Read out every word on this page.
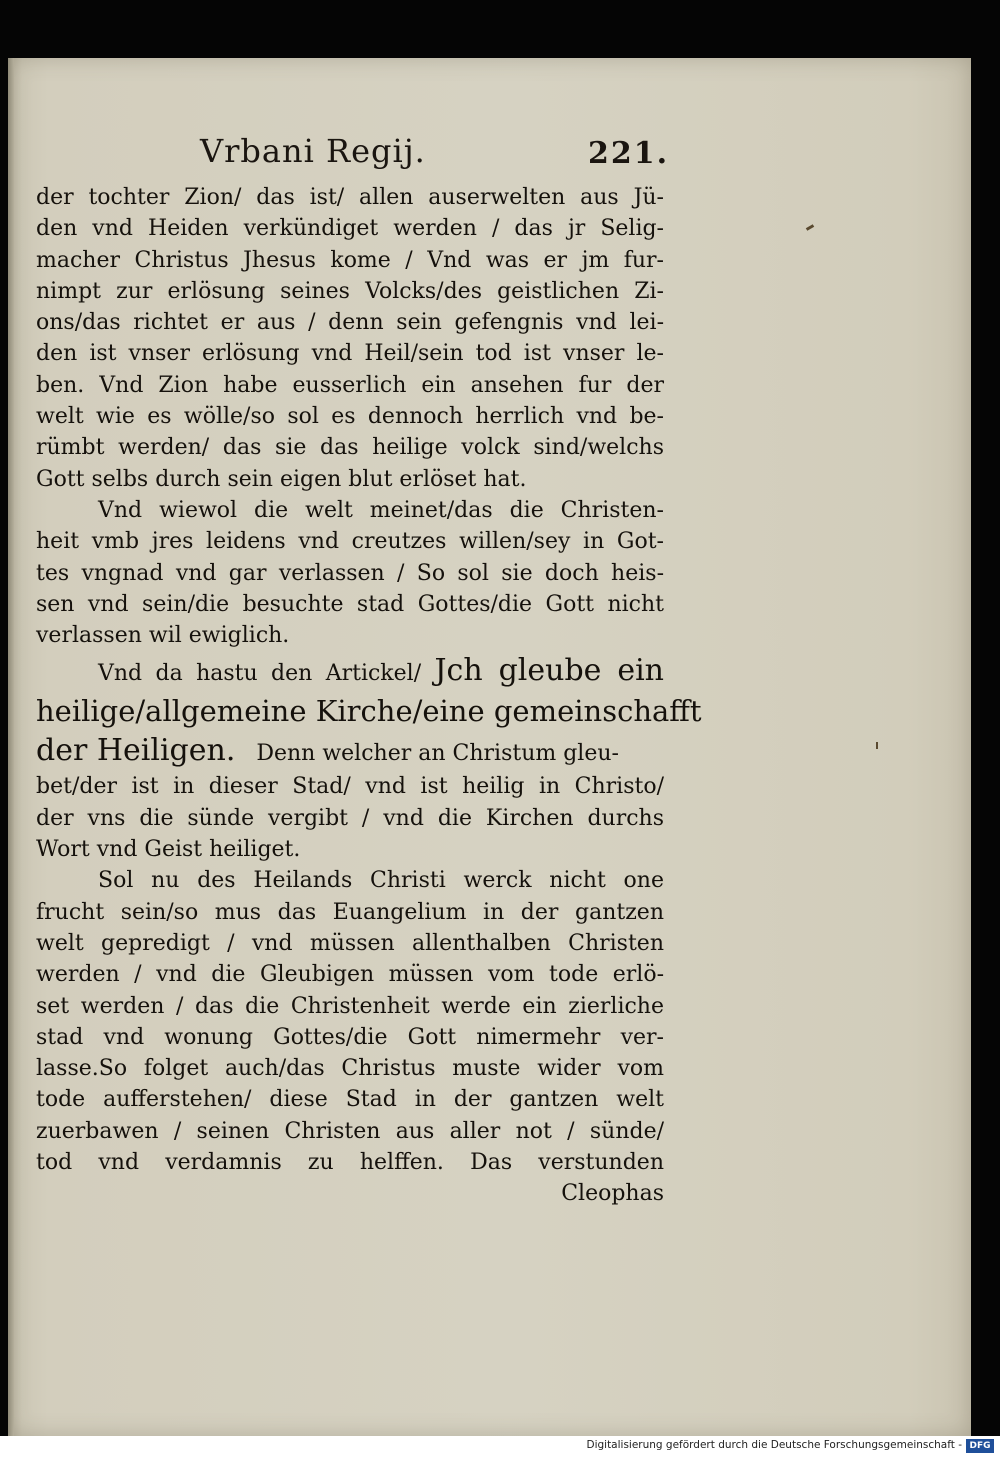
Vrbani Regij.	221.
der tochter Zion/ das ist/ allen auserwelten aus Jü-
den vnd Heiden verkündiget werden / das jr Selig-
macher Christus Jhesus kome / Vnd was er jm fur-
nimpt zur erlösung seines Volcks/des geistlichen Zi-
ons/das richtet er aus / denn sein gefengnis vnd lei-
den ist vnser erlösung vnd Heil/sein tod ist vnser le-
ben. Vnd Zion habe eusserlich ein ansehen fur der
welt wie es wölle/so sol es dennoch herrlich vnd be-
rümbt werden/ das sie das heilige volck sind/welchs
Gott selbs durch sein eigen blut erlöset hat.
Vnd wiewol die welt meinet/das die Christen-
heit vmb jres leidens vnd creutzes willen/sey in Got-
tes vngnad vnd gar verlassen / So sol sie doch heis-
sen vnd sein/die besuchte stad Gottes/die Gott nicht
verlassen wil ewiglich.
Vnd da hastu den Artickel/ Jch gleube ein
heilige/allgemeine Kirche/eine gemeinschafft
der Heiligen. Denn welcher an Christum gleu-
bet/der ist in dieser Stad/ vnd ist heilig in Christo/
der vns die sünde vergibt / vnd die Kirchen durchs
Wort vnd Geist heiliget.
Sol nu des Heilands Christi werck nicht one
frucht sein/so mus das Euangelium in der gantzen
welt gepredigt / vnd müssen allenthalben Christen
werden / vnd die Gleubigen müssen vom tode erlö-
set werden / das die Christenheit werde ein zierliche
stad vnd wonung Gottes/die Gott nimermehr ver-
lasse.So folget auch/das Christus muste wider vom
tode aufferstehen/ diese Stad in der gantzen welt
zuerbawen / seinen Christen aus aller not / sünde/
tod vnd verdamnis zu helffen. Das verstunden
Cleophas
Digitalisierung gefördert durch die Deutsche Forschungsgemeinschaft - DFG
